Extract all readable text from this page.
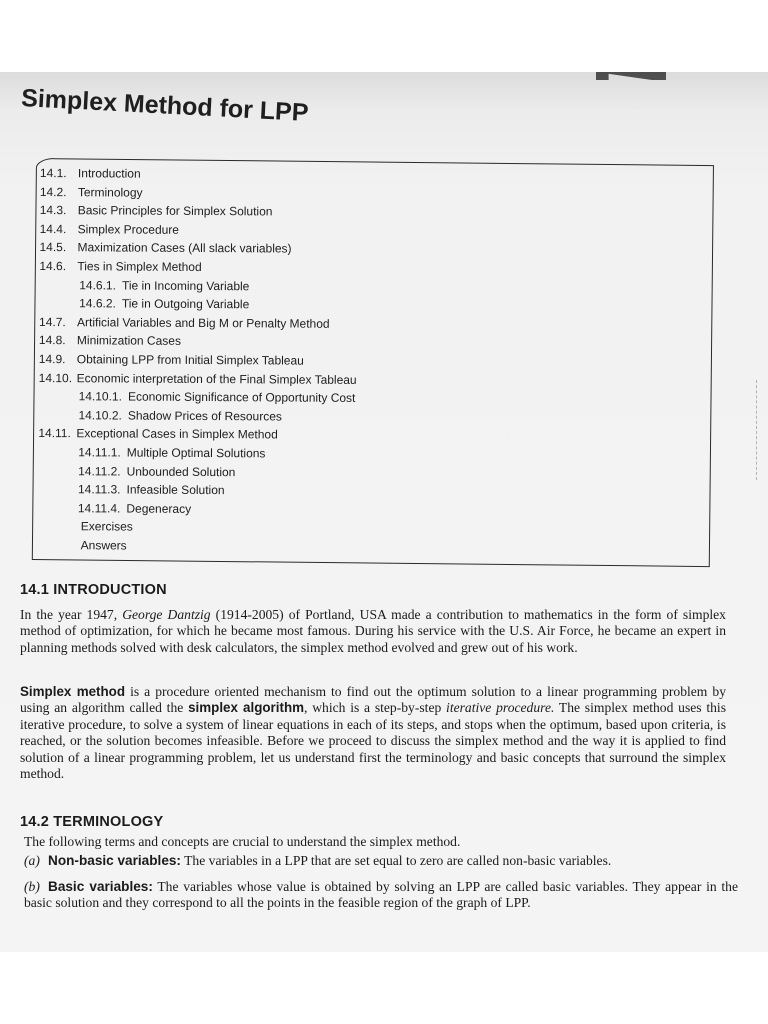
Simplex Method for LPP
14.1. Introduction
14.2. Terminology
14.3. Basic Principles for Simplex Solution
14.4. Simplex Procedure
14.5. Maximization Cases (All slack variables)
14.6. Ties in Simplex Method
14.6.1. Tie in Incoming Variable
14.6.2. Tie in Outgoing Variable
14.7. Artificial Variables and Big M or Penalty Method
14.8. Minimization Cases
14.9. Obtaining LPP from Initial Simplex Tableau
14.10. Economic interpretation of the Final Simplex Tableau
14.10.1. Economic Significance of Opportunity Cost
14.10.2. Shadow Prices of Resources
14.11. Exceptional Cases in Simplex Method
14.11.1. Multiple Optimal Solutions
14.11.2. Unbounded Solution
14.11.3. Infeasible Solution
14.11.4. Degeneracy
Exercises
Answers
14.1 INTRODUCTION
In the year 1947, George Dantzig (1914-2005) of Portland, USA made a contribution to mathematics in the form of simplex method of optimization, for which he became most famous. During his service with the U.S. Air Force, he became an expert in planning methods solved with desk calculators, the simplex method evolved and grew out of his work.
Simplex method is a procedure oriented mechanism to find out the optimum solution to a linear programming problem by using an algorithm called the simplex algorithm, which is a step-by-step iterative procedure. The simplex method uses this iterative procedure, to solve a system of linear equations in each of its steps, and stops when the optimum, based upon criteria, is reached, or the solution becomes infeasible. Before we proceed to discuss the simplex method and the way it is applied to find solution of a linear programming problem, let us understand first the terminology and basic concepts that surround the simplex method.
14.2 TERMINOLOGY
The following terms and concepts are crucial to understand the simplex method.
(a) Non-basic variables: The variables in a LPP that are set equal to zero are called non-basic variables.
(b) Basic variables: The variables whose value is obtained by solving an LPP are called basic variables. They appear in the basic solution and they correspond to all the points in the feasible region of the graph of LPP.
